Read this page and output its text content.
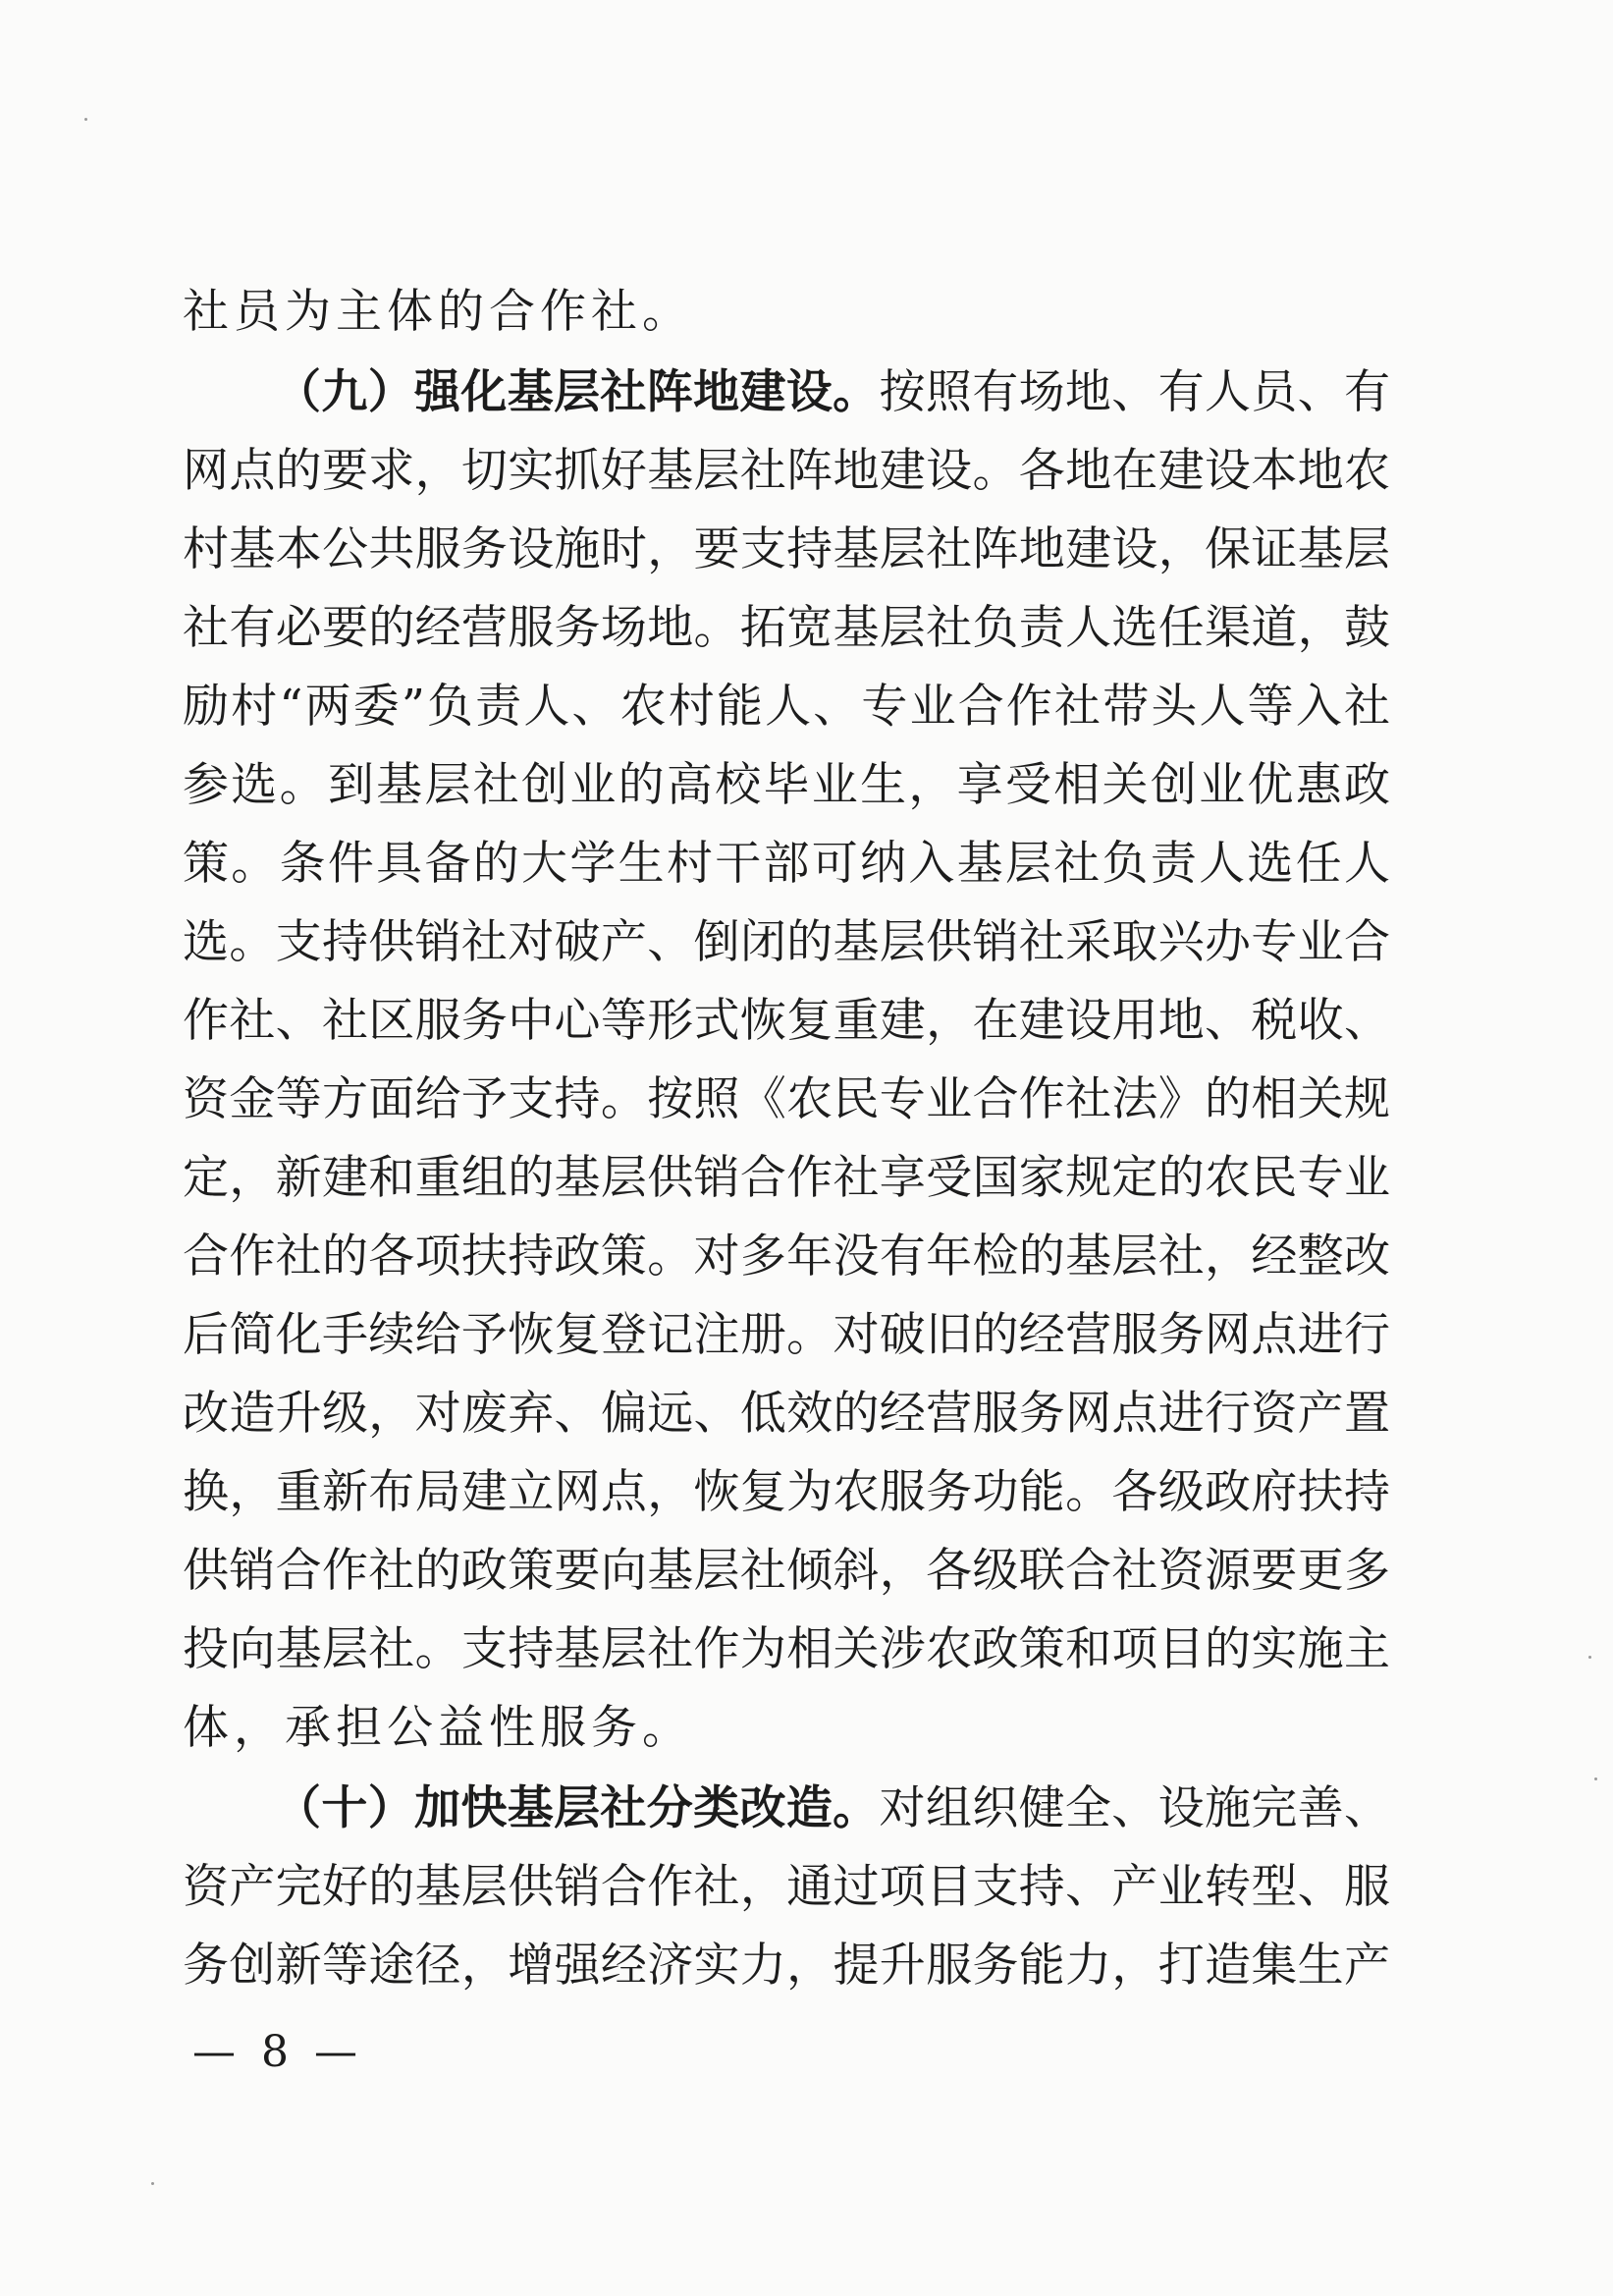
社员为主体的合作社。
（九）强化基层社阵地建设。按照有场地、有人员、有
网点的要求，切实抓好基层社阵地建设。各地在建设本地农
村基本公共服务设施时，要支持基层社阵地建设，保证基层
社有必要的经营服务场地。拓宽基层社负责人选任渠道，鼓
励村“两委”负责人、农村能人、专业合作社带头人等入社
参选。到基层社创业的高校毕业生，享受相关创业优惠政
策。条件具备的大学生村干部可纳入基层社负责人选任人
选。支持供销社对破产、倒闭的基层供销社采取兴办专业合
作社、社区服务中心等形式恢复重建，在建设用地、税收、
资金等方面给予支持。按照《农民专业合作社法》的相关规
定，新建和重组的基层供销合作社享受国家规定的农民专业
合作社的各项扶持政策。对多年没有年检的基层社，经整改
后简化手续给予恢复登记注册。对破旧的经营服务网点进行
改造升级，对废弃、偏远、低效的经营服务网点进行资产置
换，重新布局建立网点，恢复为农服务功能。各级政府扶持
供销合作社的政策要向基层社倾斜，各级联合社资源要更多
投向基层社。支持基层社作为相关涉农政策和项目的实施主
体，承担公益性服务。
（十）加快基层社分类改造。对组织健全、设施完善、
资产完好的基层供销合作社，通过项目支持、产业转型、服
务创新等途径，增强经济实力，提升服务能力，打造集生产
— 8 —
